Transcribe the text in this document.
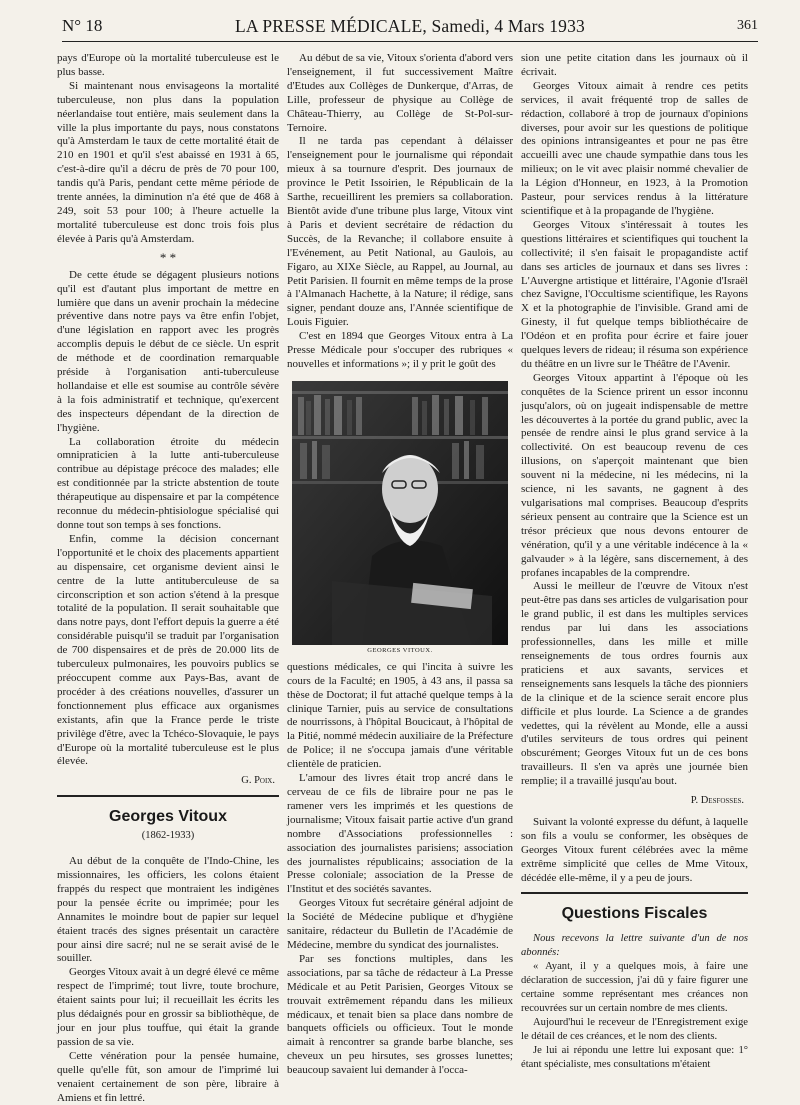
N° 18	LA PRESSE MÉDICALE, Samedi, 4 Mars 1933	361

pays d'Europe où la mortalité tuberculeuse est le plus basse.

Si maintenant nous envisageons la mortalité tuberculeuse, non plus dans la population néerlandaise tout entière, mais seulement dans la ville la plus importante du pays, nous constatons qu'à Amsterdam le taux de cette mortalité était de 210 en 1901 et qu'il s'est abaissé en 1931 à 65, c'est-à-dire qu'il a décru de près de 70 pour 100, tandis qu'à Paris, pendant cette même période de trente années, la diminution n'a été que de 468 à 249, soit 53 pour 100; à l'heure actuelle la mortalité tuberculeuse est donc trois fois plus élevée à Paris qu'à Amsterdam.

* *

De cette étude se dégagent plusieurs notions qu'il est d'autant plus important de mettre en lumière que dans un avenir prochain la médecine préventive dans notre pays va être enfin l'objet, d'une législation en rapport avec les progrès accomplis depuis le début de ce siècle. Un esprit de méthode et de coordination remarquable préside à l'organisation anti-tuberculeuse hollandaise et elle est soumise au contrôle sévère à la fois administratif et technique, qu'exercent des inspecteurs dépendant de la direction de l'hygiène.

La collaboration étroite du médecin omnipraticien à la lutte anti-tuberculeuse contribue au dépistage précoce des malades; elle est conditionnée par la stricte abstention de toute thérapeutique au dispensaire et par la compétence reconnue du médecin-phtisiologue spécialisé qui donne tout son temps à ses fonctions.

Enfin, comme la décision concernant l'opportunité et le choix des placements appartient au dispensaire, cet organisme devient ainsi le centre de la lutte antituberculeuse de sa circonscription et son action s'étend à la presque totalité de la population. Il serait souhaitable que dans notre pays, dont l'effort depuis la guerre a été considérable puisqu'il se traduit par l'organisation de 700 dispensaires et de près de 20.000 lits de tuberculeux pulmonaires, les pouvoirs publics se préoccupent comme aux Pays-Bas, avant de procéder à des créations nouvelles, d'assurer un fonctionnement plus efficace aux organismes existants, afin que la France perde le triste privilège d'être, avec la Tchéco-Slovaquie, le pays d'Europe où la mortalité tuberculeuse est le plus élevée.

G. Poix.
Georges Vitoux
(1862-1933)

Au début de la conquête de l'Indo-Chine, les missionnaires, les officiers, les colons étaient frappés du respect que montraient les indigènes pour la pensée écrite ou imprimée; pour les Annamites le moindre bout de papier sur lequel étaient tracés des signes présentait un caractère pour ainsi dire sacré; nul ne se serait avisé de le souiller.

Georges Vitoux avait à un degré élevé ce même respect de l'imprimé; tout livre, toute brochure, étaient saints pour lui; il recueillait les écrits les plus dédaignés pour en grossir sa bibliothèque, de jour en jour plus touffue, qui était la grande passion de sa vie.

Cette vénération pour la pensée humaine, quelle qu'elle fût, son amour de l'imprimé lui venaient certainement de son père, libraire à Amiens et fin lettré.

Au début de sa vie, Vitoux s'orienta d'abord vers l'enseignement, il fut successivement Maître d'Etudes aux Collèges de Dunkerque, d'Arras, de Lille, professeur de physique au Collège de Château-Thierry, au Collège de St-Pol-sur-Ternoire.

Il ne tarda pas cependant à délaisser l'enseignement pour le journalisme qui répondait mieux à sa tournure d'esprit. Des journaux de province le Petit Issoirien, le Républicain de la Sarthe, recueillirent les premiers sa collaboration. Bientôt avide d'une tribune plus large, Vitoux vint à Paris et devient secrétaire de rédaction du Succès, de la Revanche; il collabore ensuite à l'Evénement, au Petit National, au Gaulois, au Figaro, au XIXe Siècle, au Rappel, au Journal, au Petit Parisien. Il fournit en même temps de la prose à l'Almanach Hachette, à la Nature; il rédige, sans signer, pendant douze ans, l'Année scientifique de Louis Figuier.

C'est en 1894 que Georges Vitoux entra à La Presse Médicale pour s'occuper des rubriques « nouvelles et informations »; il y prit le goût des

GEORGES VITOUX.

questions médicales, ce qui l'incita à suivre les cours de la Faculté; en 1905, à 43 ans, il passa sa thèse de Doctorat; il fut attaché quelque temps à la clinique Tarnier, puis au service de consultations de nourrissons, à l'hôpital Boucicaut, à l'hôpital de la Pitié, nommé médecin auxiliaire de la Préfecture de Police; il ne s'occupa jamais d'une véritable clientèle de praticien.

L'amour des livres était trop ancré dans le cerveau de ce fils de libraire pour ne pas le ramener vers les imprimés et les questions de journalisme; Vitoux faisait partie active d'un grand nombre d'Associations professionnelles : association des journalistes parisiens; association des journalistes républicains; association de la Presse coloniale; association de la Presse de l'Institut et des sociétés savantes.

Georges Vitoux fut secrétaire général adjoint de la Société de Médecine publique et d'hygiène sanitaire, rédacteur du Bulletin de l'Académie de Médecine, membre du syndicat des journalistes.

Par ses fonctions multiples, dans les associations, par sa tâche de rédacteur à La Presse Médicale et au Petit Parisien, Georges Vitoux se trouvait extrêmement répandu dans les milieux médicaux, et tenait bien sa place dans nombre de banquets officiels ou officieux. Tout le monde aimait à rencontrer sa grande barbe blanche, ses cheveux un peu hirsutes, ses grosses lunettes; beaucoup savaient lui demander à l'occa-

sion une petite citation dans les journaux où il écrivait.

Georges Vitoux aimait à rendre ces petits services, il avait fréquenté trop de salles de rédaction, collaboré à trop de journaux d'opinions diverses, pour avoir sur les questions de politique des opinions intransigeantes et pour ne pas être accueilli avec une chaude sympathie dans tous les milieux; on le vit avec plaisir nommé chevalier de la Légion d'Honneur, en 1923, à la Promotion Pasteur, pour services rendus à la littérature scientifique et à la propagande de l'hygiène.

Georges Vitoux s'intéressait à toutes les questions littéraires et scientifiques qui touchent la collectivité; il s'en faisait le propagandiste actif dans ses articles de journaux et dans ses livres : L'Auvergne artistique et littéraire, l'Agonie d'Israël chez Savigne, l'Occultisme scientifique, les Rayons X et la photographie de l'invisible. Grand ami de Ginesty, il fut quelque temps bibliothécaire de l'Odéon et en profita pour écrire et faire jouer quelques levers de rideau; il résuma son expérience du théâtre en un livre sur le Théâtre de l'Avenir.

Georges Vitoux appartint à l'époque où les conquêtes de la Science prirent un essor inconnu jusqu'alors, où on jugeait indispensable de mettre les découvertes à la portée du grand public, avec la pensée de rendre ainsi le plus grand service à la collectivité. On est beaucoup revenu de ces illusions, on s'aperçoit maintenant que bien souvent ni la médecine, ni les médecins, ni la science, ni les savants, ne gagnent à des vulgarisations mal comprises. Beaucoup d'esprits sérieux pensent au contraire que la Science est un trésor précieux que nous devons entourer de vénération, qu'il y a une véritable indécence à la « galvauder » à la légère, sans discernement, à des profanes incapables de la comprendre.

Aussi le meilleur de l'œuvre de Vitoux n'est peut-être pas dans ses articles de vulgarisation pour le grand public, il est dans les multiples services rendus par lui dans les associations professionnelles, dans les mille et mille renseignements de tous ordres fournis aux praticiens et aux savants, services et renseignements sans lesquels la tâche des pionniers de la clinique et de la science serait encore plus difficile et plus lourde. La Science a de grandes vedettes, qui la révèlent au Monde, elle a aussi d'utiles serviteurs de tous ordres qui peinent obscurément; Georges Vitoux fut un de ces bons travailleurs. Il s'en va après une journée bien remplie; il a travaillé jusqu'au bout.

P. Desfosses.

Suivant la volonté expresse du défunt, à laquelle son fils a voulu se conformer, les obsèques de Georges Vitoux furent célébrées avec la même extrême simplicité que celles de Mme Vitoux, décédée elle-même, il y a peu de jours.

Questions Fiscales

Nous recevons la lettre suivante d'un de nos abonnés:

« Ayant, il y a quelques mois, à faire une déclaration de succession, j'ai dû y faire figurer une certaine somme représentant mes créances non recouvrées sur un certain nombre de mes clients.

Aujourd'hui le receveur de l'Enregistrement exige le détail de ces créances, et le nom des clients.

Je lui ai répondu une lettre lui exposant que: 1° étant spécialiste, mes consultations m'étaient
